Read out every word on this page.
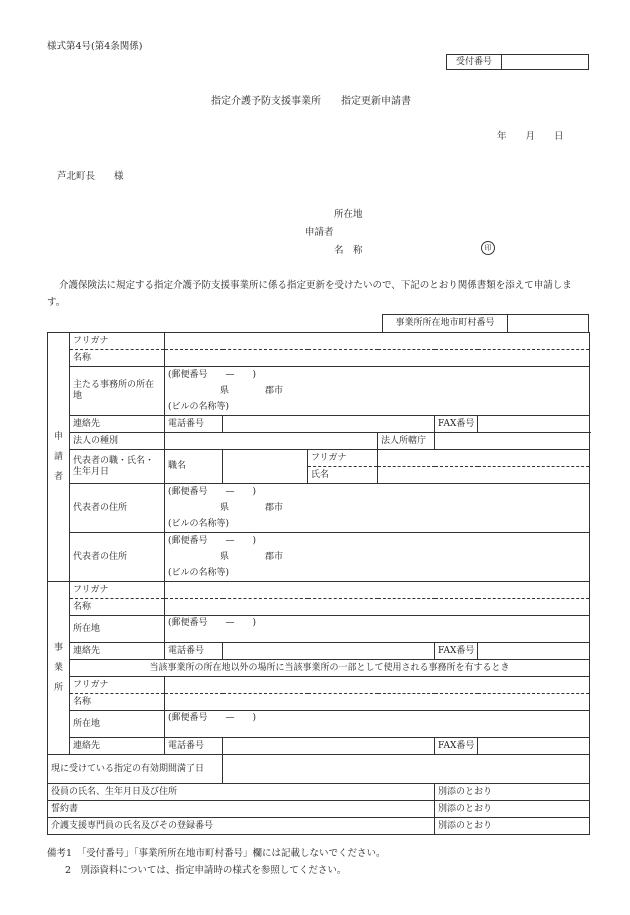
様式第4号(第4条関係)
受付番号
指定介護予防支援事業所　　指定更新申請書
年　　月　　日
芦北町長　　様
所在地
申請者
名　称	印
介護保険法に規定する指定介護予防支援事業所に係る指定更新を受けたいので、下記のとおり関係書類を添えて申請します。
事業所所在地市町村番号
申
請
者	フリガナ							
	名称							
	主たる事務所の所在地	(郵便番号　　—　　)						
		県　　　　郡市						
		(ビルの名称等)						
	連絡先	電話番号				FAX番号		
	法人の種別				法人所轄庁			
	代表者の職・氏名・生年月日	職名		フリガナ		
				氏名				
	代表者の住所	(郵便番号　　—　　)						
		県　　　　郡市						
		(ビルの名称等)						
	代表者の住所	(郵便番号　　—　　)						
		県　　　　郡市						
		(ビルの名称等)						
事
業
所	フリガナ							
	名称							
	所在地	(郵便番号　　—　　)						
	連絡先	電話番号				FAX番号		
	当該事業所の所在地以外の場所に当該事業所の一部として使用される事務所を有するとき							
	フリガナ							
	名称							
	所在地	(郵便番号　　—　　)						
	連絡先	電話番号				FAX番号		
現に受けている指定の有効期間満了日								
役員の氏名、生年月日及び住所						別添のとおり		
誓約書						別添のとおり		
介護支援専門員の氏名及びその登録番号						別添のとおり		
備考1　「受付番号」「事業所所在地市町村番号」欄には記載しないでください。
2　別添資料については、指定申請時の様式を参照してください。
